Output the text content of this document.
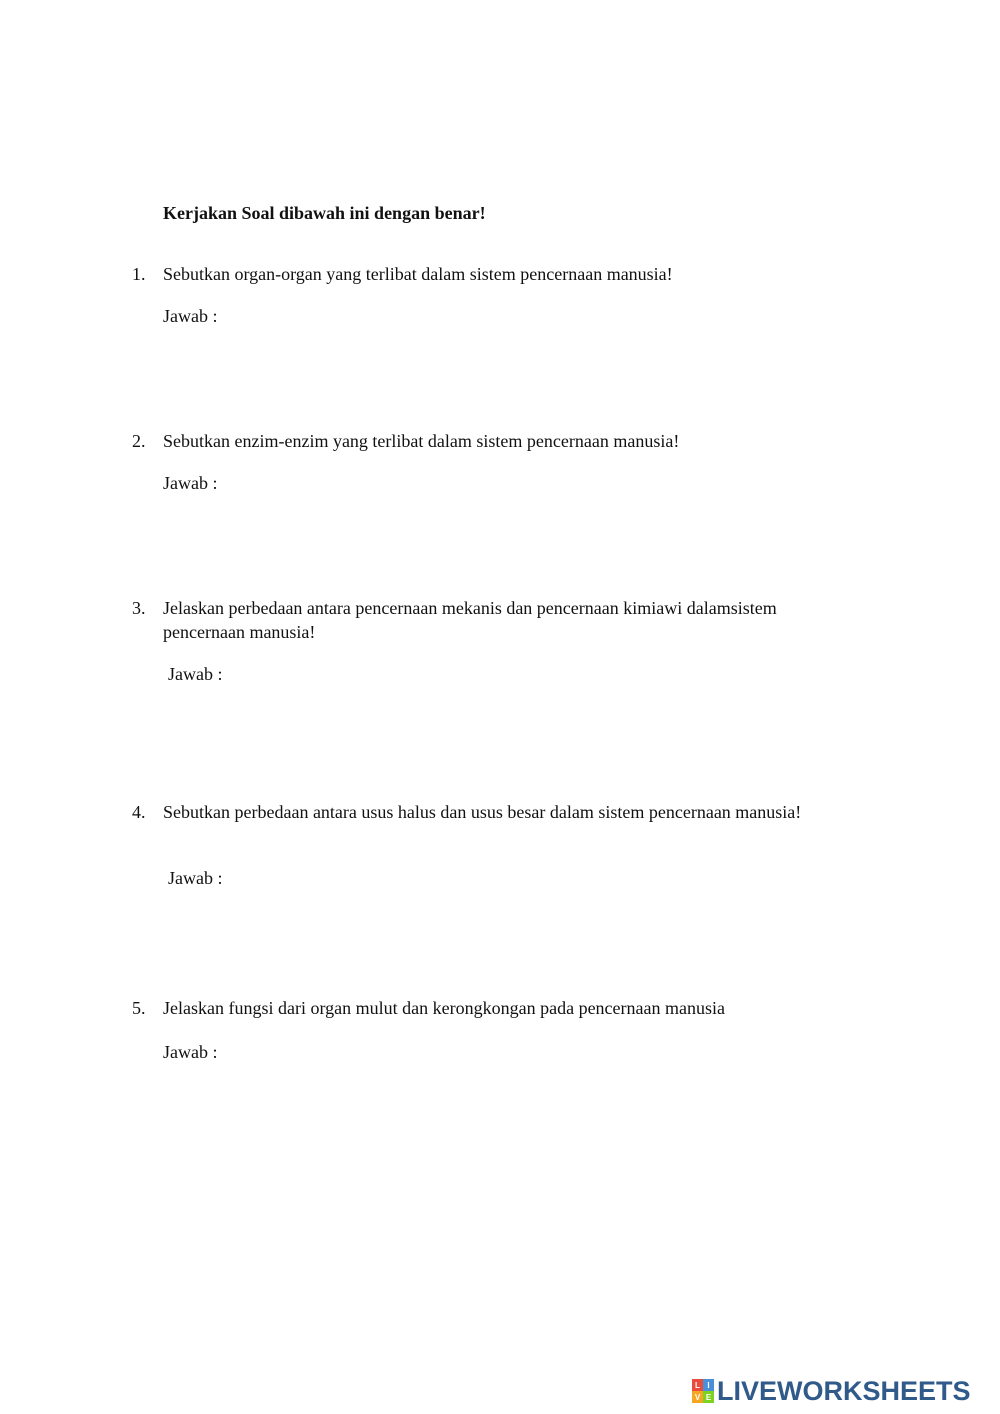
Kerjakan Soal dibawah ini dengan benar!
1. Sebutkan organ-organ yang terlibat dalam sistem pencernaan manusia!
Jawab :
2. Sebutkan enzim-enzim yang terlibat dalam sistem pencernaan manusia!
Jawab :
3. Jelaskan perbedaan antara pencernaan mekanis dan pencernaan kimiawi dalamsistem pencernaan manusia!
Jawab :
4. Sebutkan perbedaan antara usus halus dan usus besar dalam sistem pencernaan manusia!
Jawab :
5. Jelaskan fungsi dari organ mulut dan kerongkongan pada pencernaan manusia
Jawab :
L I
V E LIVEWORKSHEETS
